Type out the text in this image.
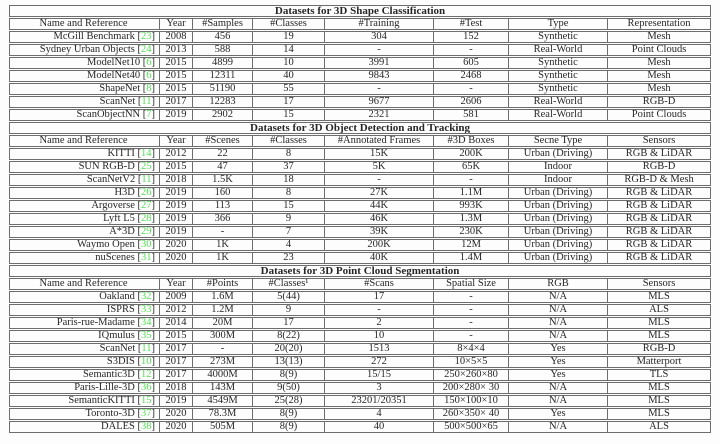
Datasets for 3D Shape Classification							
Name and Reference	Year	#Samples	#Classes	#Training	#Test	Type	Representation
McGill Benchmark [23]	2008	456	19	304	152	Synthetic	Mesh
Sydney Urban Objects [24]	2013	588	14	-	-	Real-World	Point Clouds
ModelNet10 [6]	2015	4899	10	3991	605	Synthetic	Mesh
ModelNet40 [6]	2015	12311	40	9843	2468	Synthetic	Mesh
ShapeNet [8]	2015	51190	55	-	-	Synthetic	Mesh
ScanNet [11]	2017	12283	17	9677	2606	Real-World	RGB-D
ScanObjectNN [7]	2019	2902	15	2321	581	Real-World	Point Clouds
Datasets for 3D Object Detection and Tracking							
Name and Reference	Year	#Scenes	#Classes	#Annotated Frames	#3D Boxes	Secne Type	Sensors
KITTI [14]	2012	22	8	15K	200K	Urban (Driving)	RGB & LiDAR
SUN RGB-D [25]	2015	47	37	5K	65K	Indoor	RGB-D
ScanNetV2 [11]	2018	1.5K	18	-	-	Indoor	RGB-D & Mesh
H3D [26]	2019	160	8	27K	1.1M	Urban (Driving)	RGB & LiDAR
Argoverse [27]	2019	113	15	44K	993K	Urban (Driving)	RGB & LiDAR
Lyft L5 [28]	2019	366	9	46K	1.3M	Urban (Driving)	RGB & LiDAR
A*3D [29]	2019	-	7	39K	230K	Urban (Driving)	RGB & LiDAR
Waymo Open [30]	2020	1K	4	200K	12M	Urban (Driving)	RGB & LiDAR
nuScenes [31]	2020	1K	23	40K	1.4M	Urban (Driving)	RGB & LiDAR
Datasets for 3D Point Cloud Segmentation							
Name and Reference	Year	#Points	#Classes¹	#Scans	Spatial Size	RGB	Sensors
Oakland [32]	2009	1.6M	5(44)	17	-	N/A	MLS
ISPRS [33]	2012	1.2M	9	-	-	N/A	ALS
Paris-rue-Madame [34]	2014	20M	17	2	-	N/A	MLS
IQmulus [35]	2015	300M	8(22)	10	-	N/A	MLS
ScanNet [11]	2017	-	20(20)	1513	8×4×4	Yes	RGB-D
S3DIS [10]	2017	273M	13(13)	272	10×5×5	Yes	Matterport
Semantic3D [12]	2017	4000M	8(9)	15/15	250×260×80	Yes	TLS
Paris-Lille-3D [36]	2018	143M	9(50)	3	200×280× 30	N/A	MLS
SemanticKITTI [15]	2019	4549M	25(28)	23201/20351	150×100×10	N/A	MLS
Toronto-3D [37]	2020	78.3M	8(9)	4	260×350× 40	Yes	MLS
DALES [38]	2020	505M	8(9)	40	500×500×65	N/A	ALS
